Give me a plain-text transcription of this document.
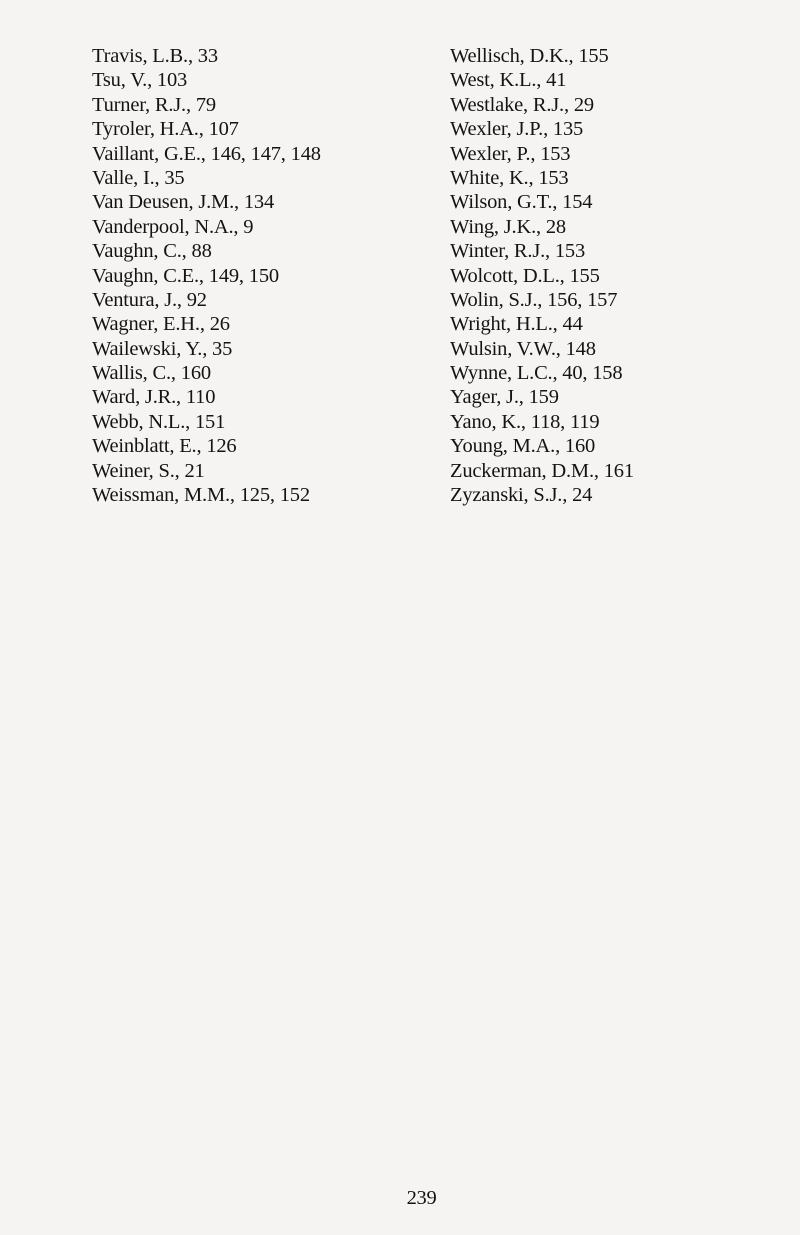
Travis, L.B., 33
Tsu, V., 103
Turner, R.J., 79
Tyroler, H.A., 107
Vaillant, G.E., 146, 147, 148
Valle, I., 35
Van Deusen, J.M., 134
Vanderpool, N.A., 9
Vaughn, C., 88
Vaughn, C.E., 149, 150
Ventura, J., 92
Wagner, E.H., 26
Wailewski, Y., 35
Wallis, C., 160
Ward, J.R., 110
Webb, N.L., 151
Weinblatt, E., 126
Weiner, S., 21
Weissman, M.M., 125, 152
Wellisch, D.K., 155
West, K.L., 41
Westlake, R.J., 29
Wexler, J.P., 135
Wexler, P., 153
White, K., 153
Wilson, G.T., 154
Wing, J.K., 28
Winter, R.J., 153
Wolcott, D.L., 155
Wolin, S.J., 156, 157
Wright, H.L., 44
Wulsin, V.W., 148
Wynne, L.C., 40, 158
Yager, J., 159
Yano, K., 118, 119
Young, M.A., 160
Zuckerman, D.M., 161
Zyzanski, S.J., 24
239
